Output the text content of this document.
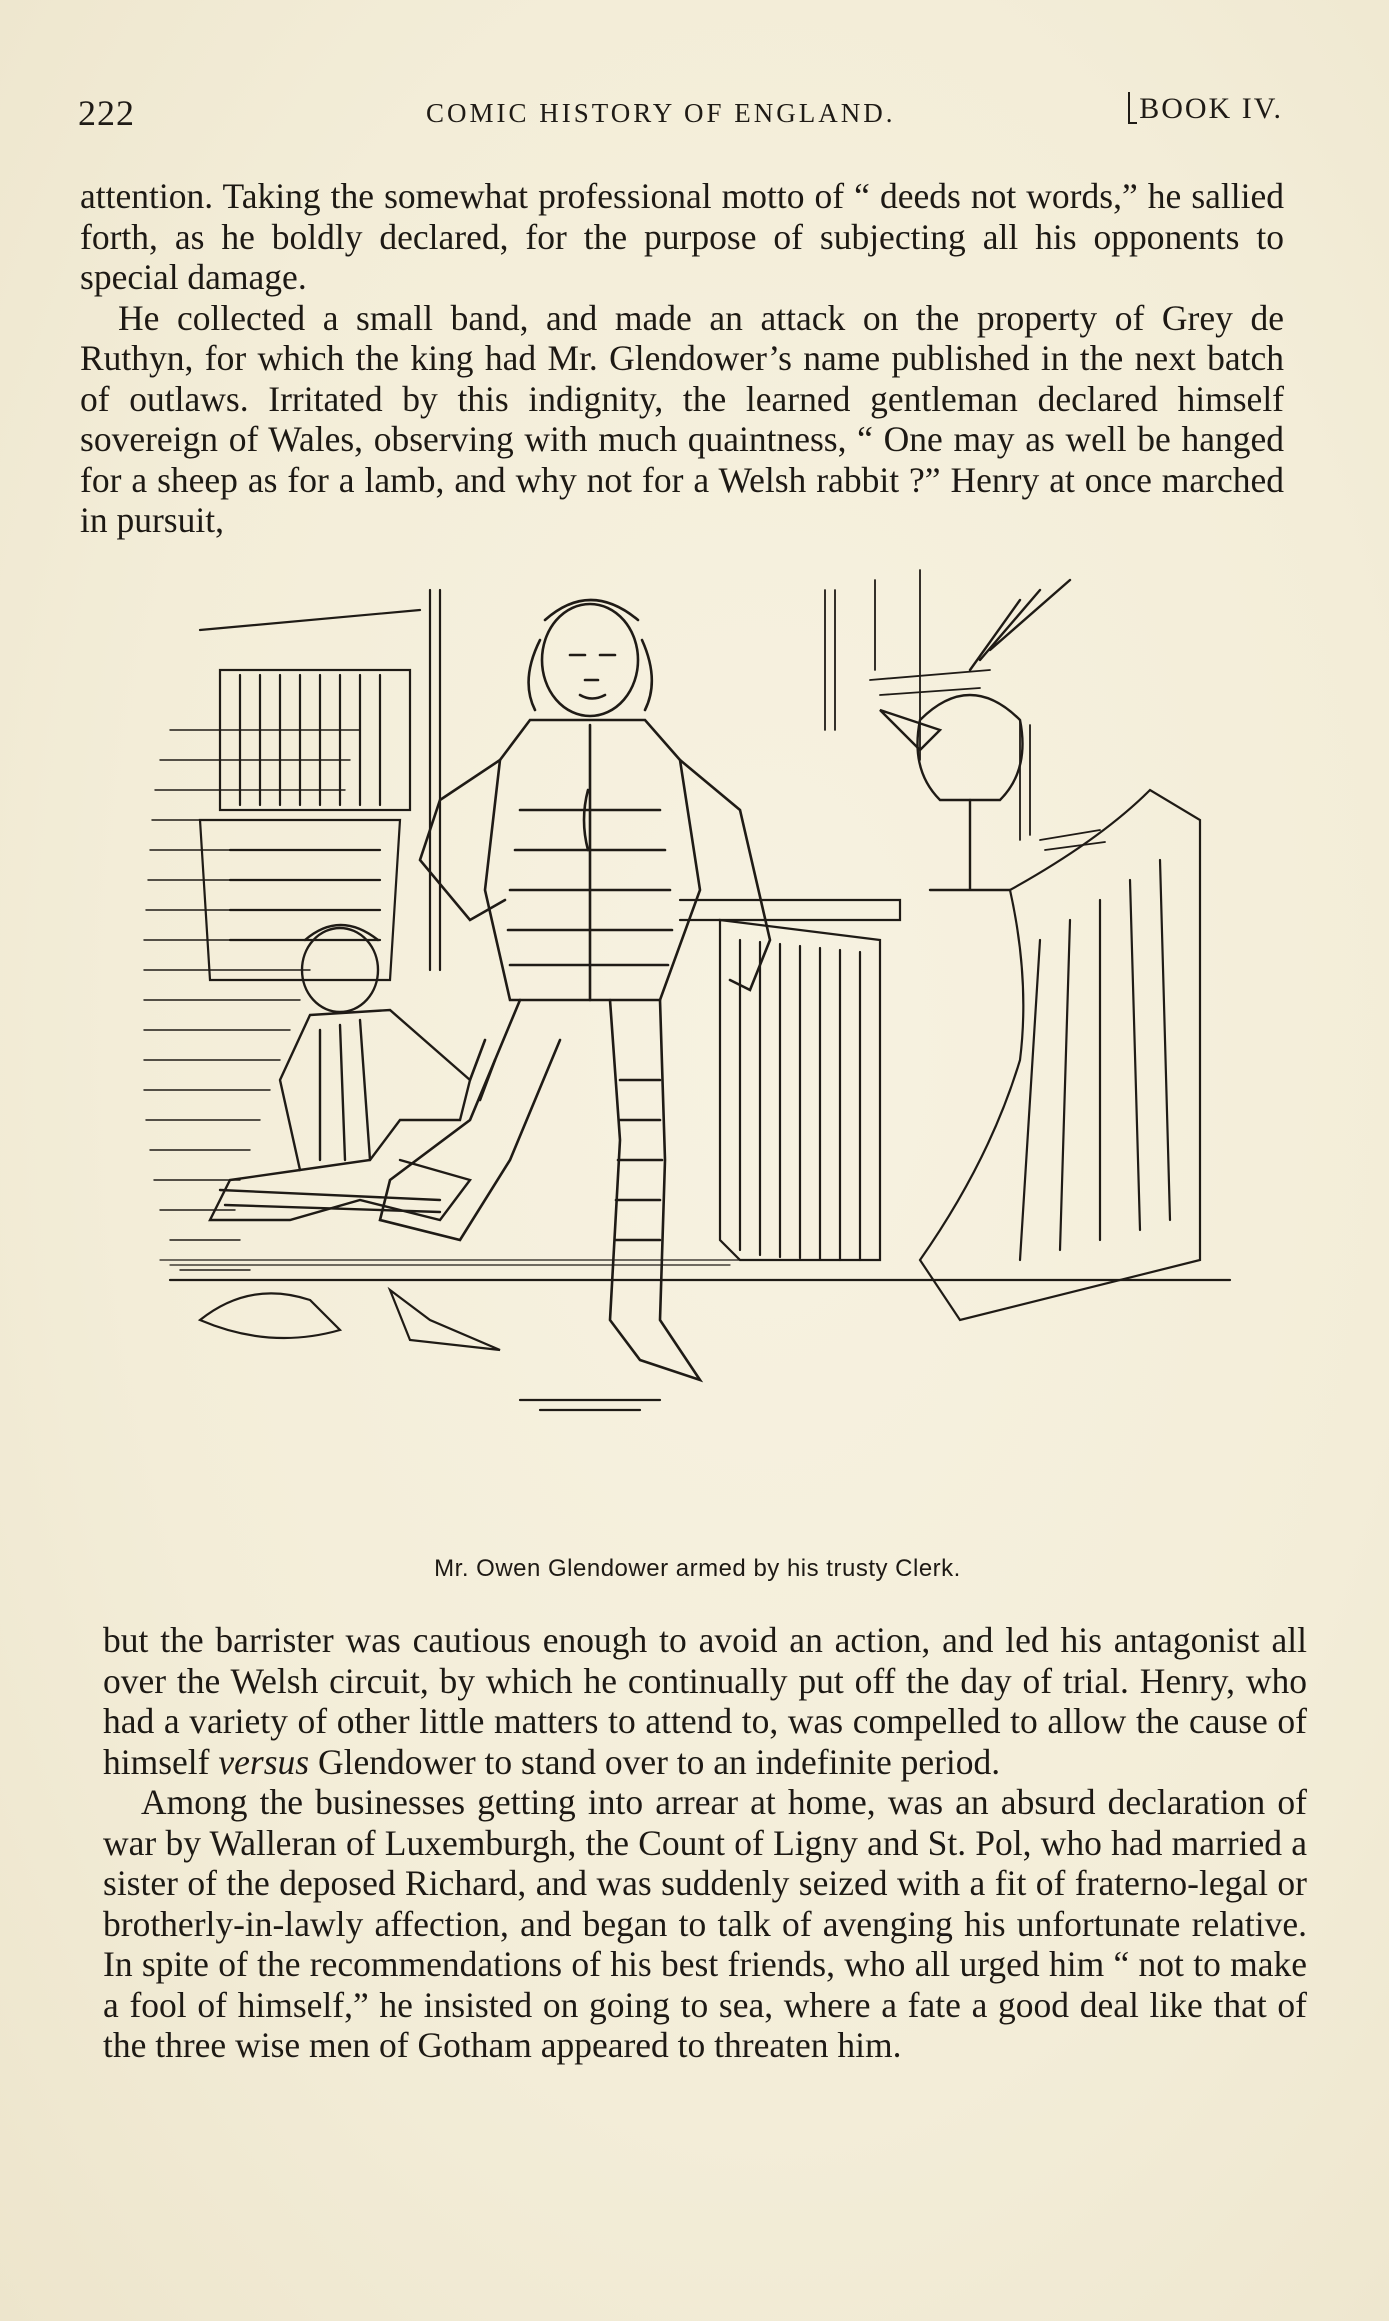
222	COMIC HISTORY OF ENGLAND.	BOOK IV.

attention. Taking the somewhat professional motto of “ deeds not words,” he sallied forth, as he boldly declared, for the purpose of subjecting all his opponents to special damage.

He collected a small band, and made an attack on the property of Grey de Ruthyn, for which the king had Mr. Glendower’s name published in the next batch of outlaws. Irritated by this indignity, the learned gentleman declared himself sovereign of Wales, observing with much quaintness, “ One may as well be hanged for a sheep as for a lamb, and why not for a Welsh rabbit ?” Henry at once marched in pursuit,

Mr. Owen Glendower armed by his trusty Clerk.

but the barrister was cautious enough to avoid an action, and led his antagonist all over the Welsh circuit, by which he continually put off the day of trial. Henry, who had a variety of other little matters to attend to, was compelled to allow the cause of himself versus Glendower to stand over to an indefinite period.

Among the businesses getting into arrear at home, was an absurd declaration of war by Walleran of Luxemburgh, the Count of Ligny and St. Pol, who had married a sister of the deposed Richard, and was suddenly seized with a fit of fraterno-legal or brotherly-in-lawly affection, and began to talk of avenging his unfortunate relative. In spite of the recommendations of his best friends, who all urged him “ not to make a fool of himself,” he insisted on going to sea, where a fate a good deal like that of the three wise men of Gotham appeared to threaten him.
